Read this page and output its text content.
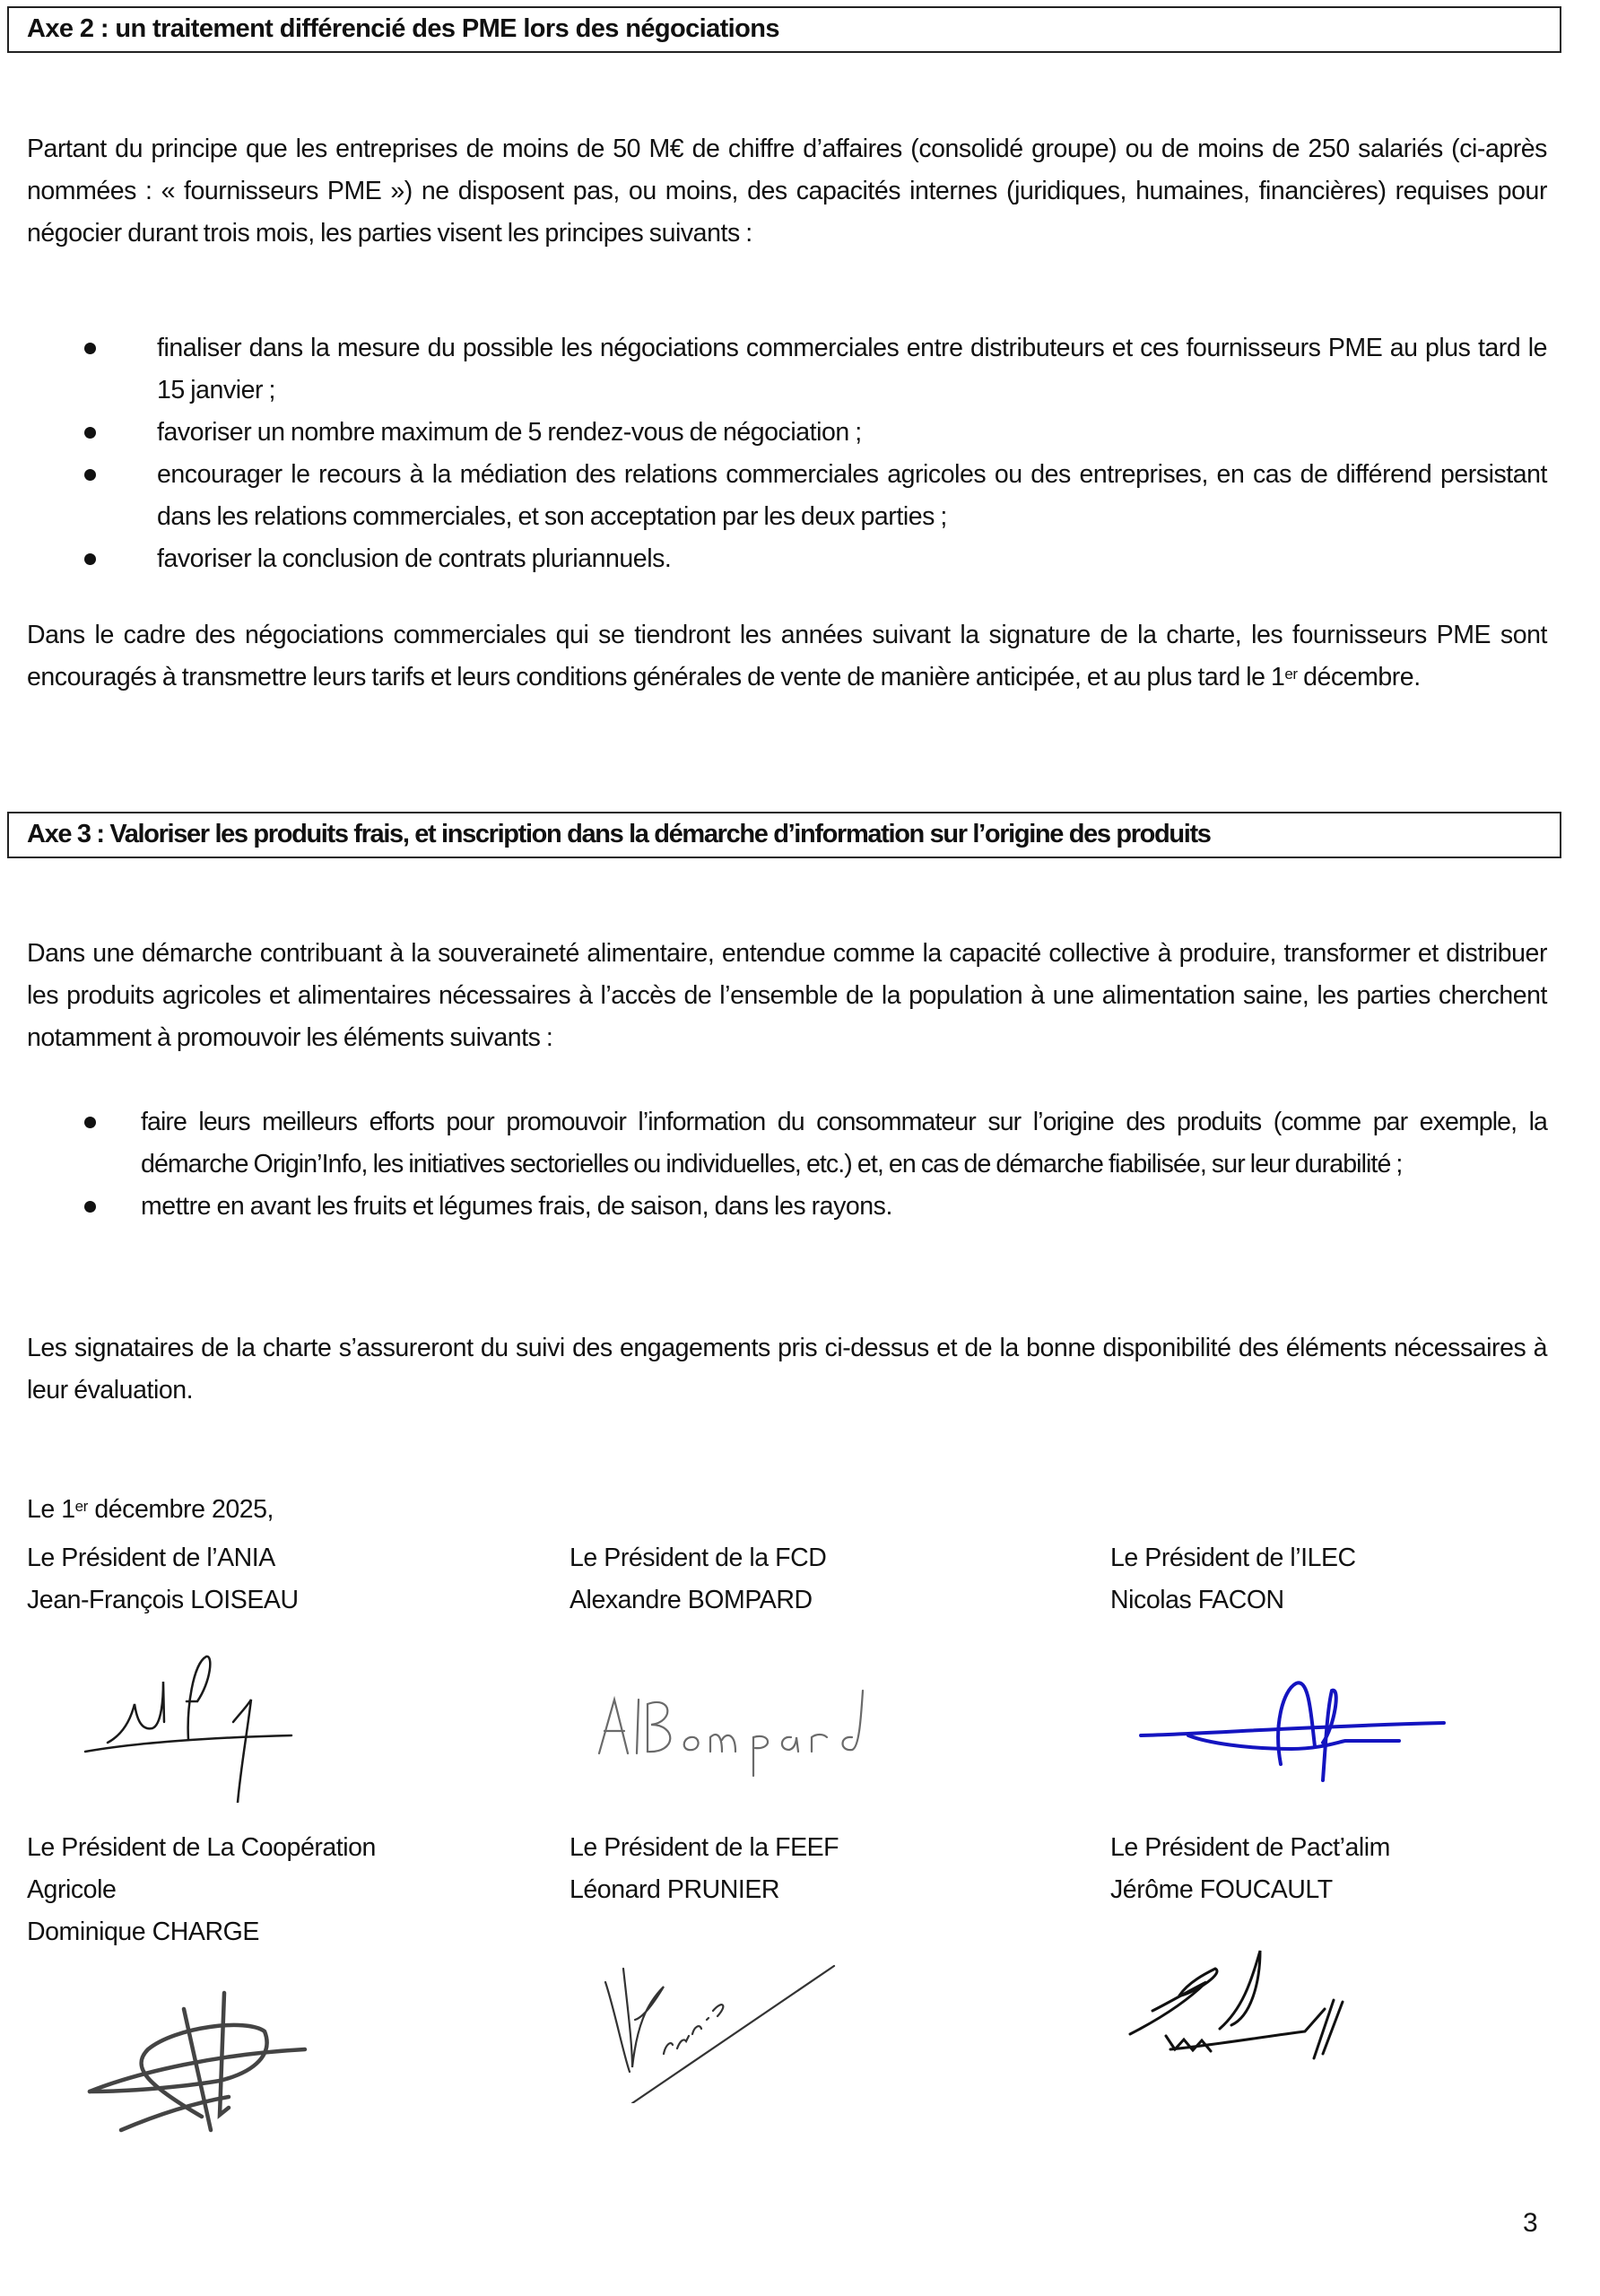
Axe 2 : un traitement différencié des PME lors des négociations
Partant du principe que les entreprises de moins de 50 M€ de chiffre d’affaires (consolidé groupe) ou de moins de 250 salariés (ci-après nommées : « fournisseurs PME ») ne disposent pas, ou moins, des capacités internes (juridiques, humaines, financières) requises pour négocier durant trois mois, les parties visent les principes suivants :
finaliser dans la mesure du possible les négociations commerciales entre distributeurs et ces fournisseurs PME au plus tard le 15 janvier ;
favoriser un nombre maximum de 5 rendez-vous de négociation ;
encourager le recours à la médiation des relations commerciales agricoles ou des entreprises, en cas de différend persistant dans les relations commerciales, et son acceptation par les deux parties ;
favoriser la conclusion de contrats pluriannuels.
Dans le cadre des négociations commerciales qui se tiendront les années suivant la signature de la charte, les fournisseurs PME sont encouragés à transmettre leurs tarifs et leurs conditions générales de vente de manière anticipée, et au plus tard le 1er décembre.
Axe 3 : Valoriser les produits frais, et inscription dans la démarche d’information sur l’origine des produits
Dans une démarche contribuant à la souveraineté alimentaire, entendue comme la capacité collective à produire, transformer et distribuer les produits agricoles et alimentaires nécessaires à l’accès de l’ensemble de la population à une alimentation saine, les parties cherchent notamment à promouvoir les éléments suivants :
faire leurs meilleurs efforts pour promouvoir l’information du consommateur sur l’origine des produits (comme par exemple, la démarche Origin’Info, les initiatives sectorielles ou individuelles, etc.) et, en cas de démarche fiabilisée, sur leur durabilité ;
mettre en avant les fruits et légumes frais, de saison, dans les rayons.
Les signataires de la charte s’assureront du suivi des engagements pris ci-dessus et de la bonne disponibilité des éléments nécessaires à leur évaluation.
Le 1er décembre 2025,
Le Président de l’ANIA
Jean-François LOISEAU
Le Président de la FCD
Alexandre BOMPARD
Le Président de l’ILEC
Nicolas FACON
Le Président de La Coopération
Agricole
Dominique CHARGE
Le Président de la FEEF
Léonard PRUNIER
Le Président de Pact’alim
Jérôme FOUCAULT
3
